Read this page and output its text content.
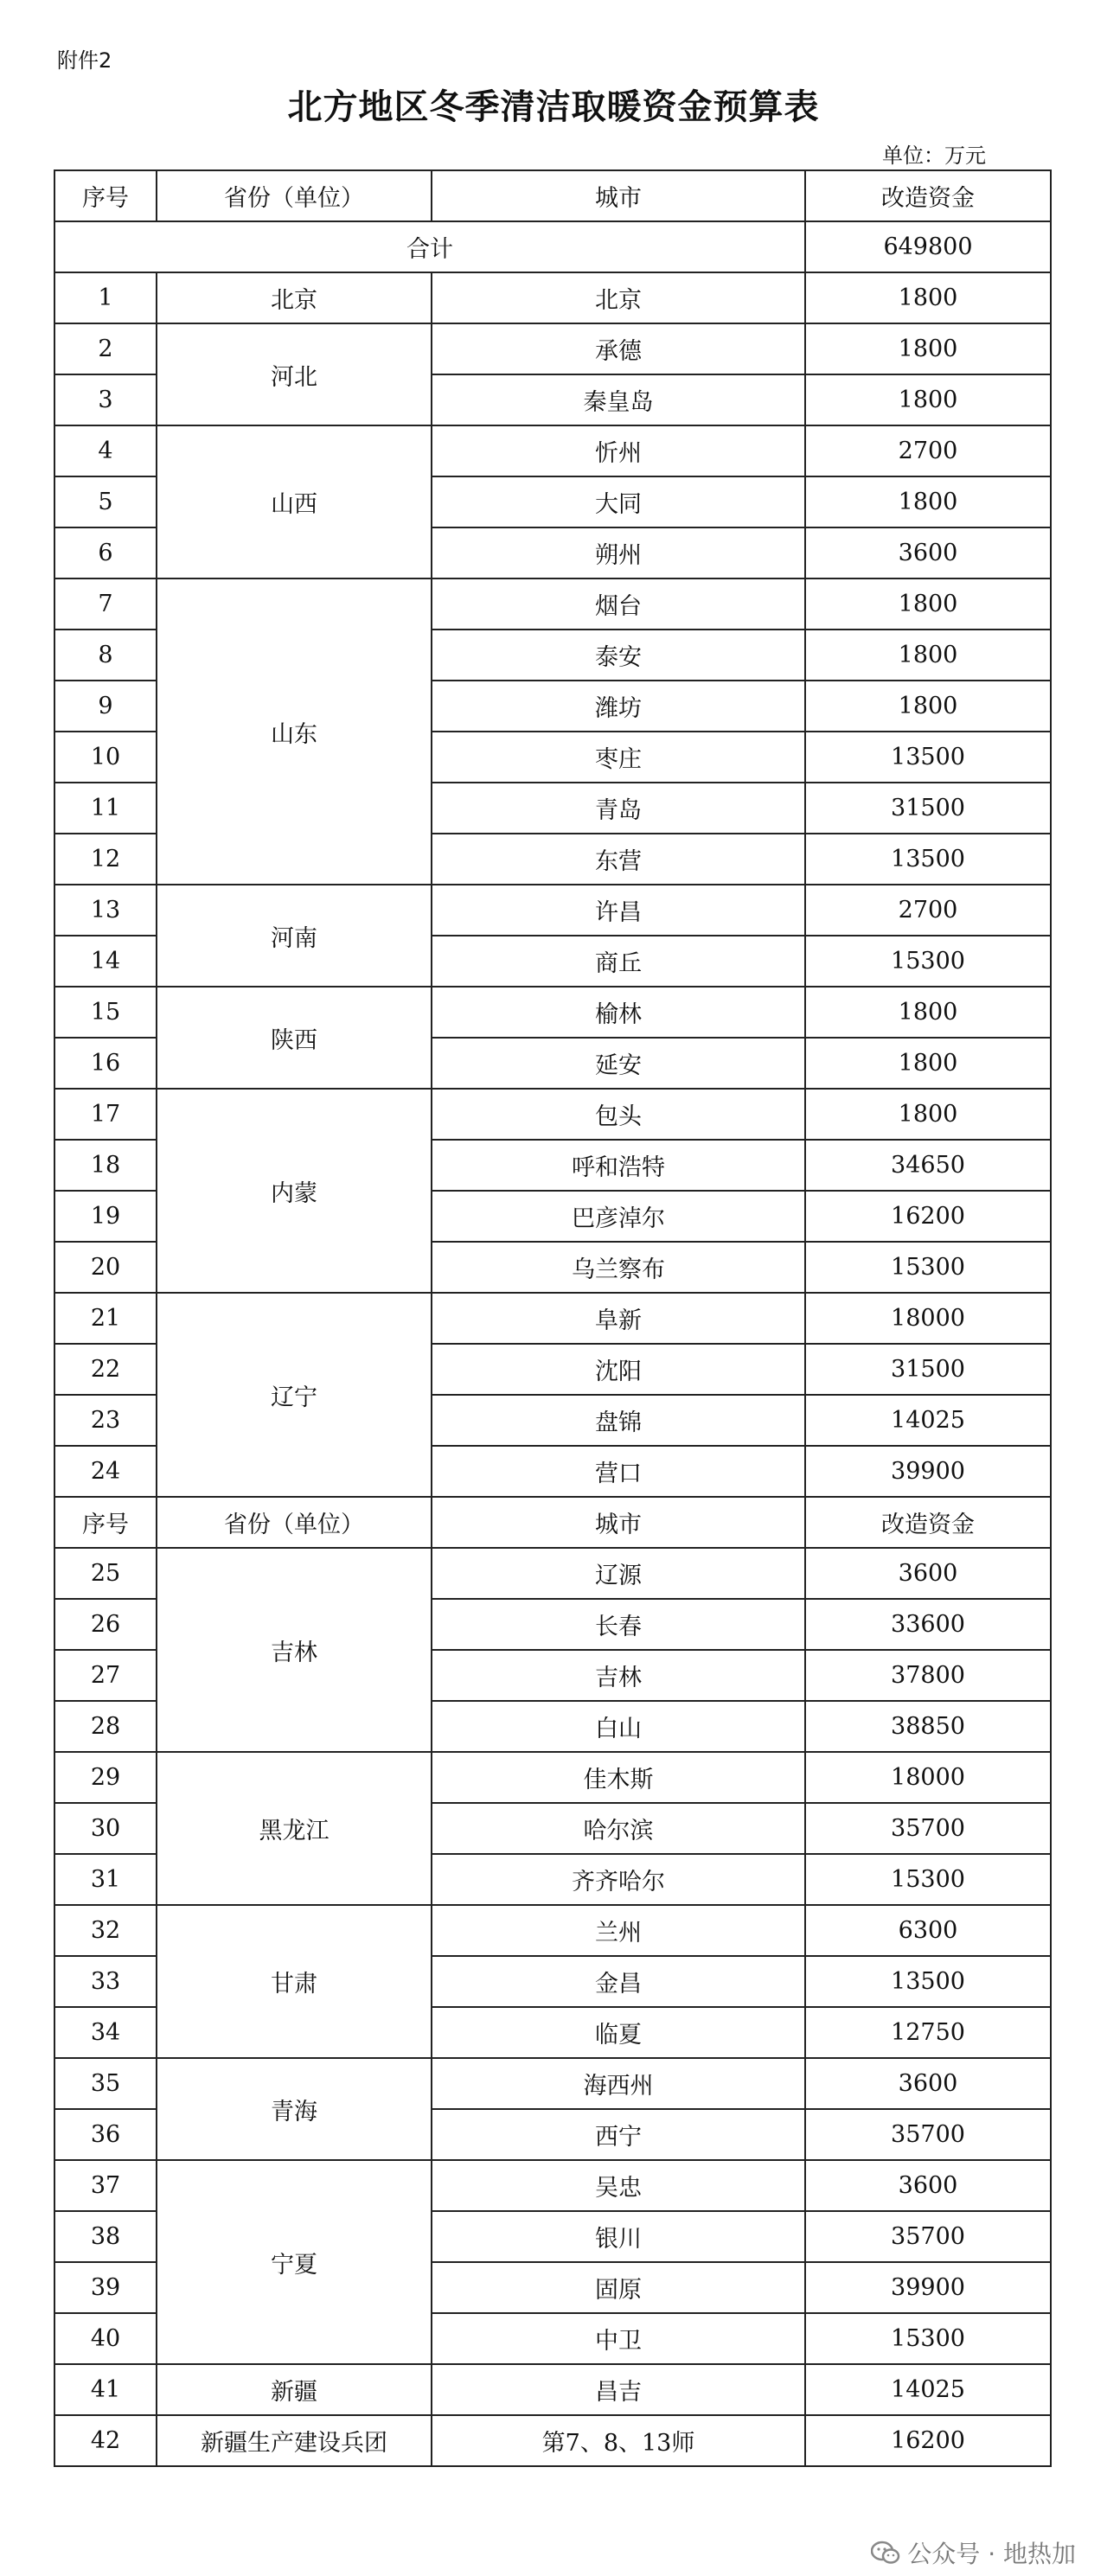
附件2
北方地区冬季清洁取暖资金预算表
单位：万元
序号	省份（单位）	城市	改造资金
合计			649800
1	北京	北京	1800
2	河北	承德	1800
3		秦皇岛	1800
4	山西	忻州	2700
5		大同	1800
6		朔州	3600
7	山东	烟台	1800
8		泰安	1800
9		潍坊	1800
10		枣庄	13500
11		青岛	31500
12		东营	13500
13	河南	许昌	2700
14		商丘	15300
15	陕西	榆林	1800
16		延安	1800
17	内蒙	包头	1800
18		呼和浩特	34650
19		巴彦淖尔	16200
20		乌兰察布	15300
21	辽宁	阜新	18000
22		沈阳	31500
23		盘锦	14025
24		营口	39900
序号	省份（单位）	城市	改造资金
25	吉林	辽源	3600
26		长春	33600
27		吉林	37800
28		白山	38850
29	黑龙江	佳木斯	18000
30		哈尔滨	35700
31		齐齐哈尔	15300
32	甘肃	兰州	6300
33		金昌	13500
34		临夏	12750
35	青海	海西州	3600
36		西宁	35700
37	宁夏	吴忠	3600
38		银川	35700
39		固原	39900
40		中卫	15300
41	新疆	昌吉	14025
42	新疆生产建设兵团	第7、8、13师	16200
公众号 · 地热加
